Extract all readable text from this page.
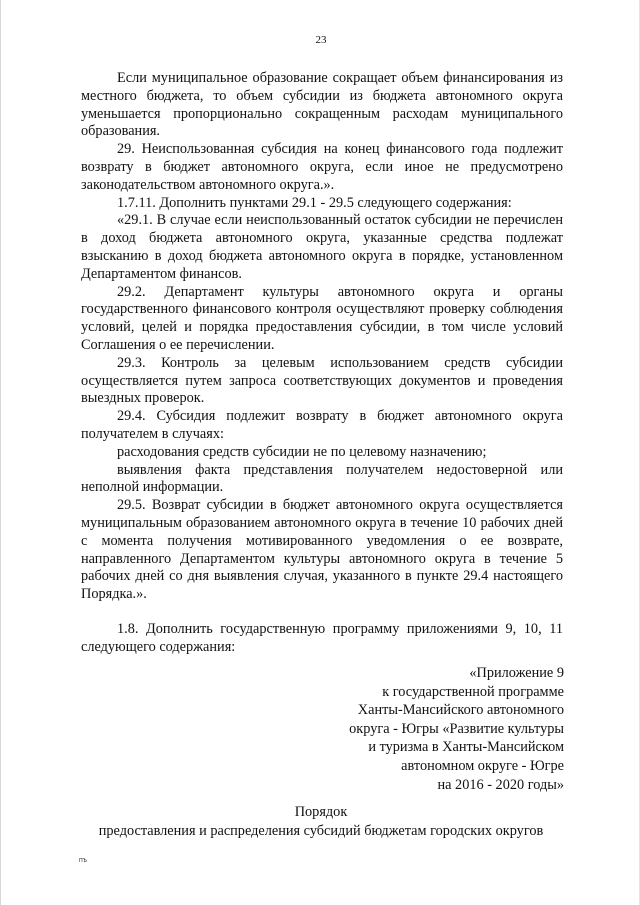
23

Если муниципальное образование сокращает объем финансирования из местного бюджета, то объем субсидии из бюджета автономного округа уменьшается пропорционально сокращенным расходам муниципального образования.

29. Неиспользованная субсидия на конец финансового года подлежит возврату в бюджет автономного округа, если иное не предусмотрено законодательством автономного округа.».

1.7.11. Дополнить пунктами 29.1 - 29.5 следующего содержания:

«29.1. В случае если неиспользованный остаток субсидии не перечислен в доход бюджета автономного округа, указанные средства подлежат взысканию в доход бюджета автономного округа в порядке, установленном Департаментом финансов.

29.2. Департамент культуры автономного округа и органы государственного финансового контроля осуществляют проверку соблюдения условий, целей и порядка предоставления субсидии, в том числе условий Соглашения о ее перечислении.

29.3. Контроль за целевым использованием средств субсидии осуществляется путем запроса соответствующих документов и проведения выездных проверок.

29.4. Субсидия подлежит возврату в бюджет автономного округа получателем в случаях:

расходования средств субсидии не по целевому назначению;

выявления факта представления получателем недостоверной или неполной информации.

29.5. Возврат субсидии в бюджет автономного округа осуществляется муниципальным образованием автономного округа в течение 10 рабочих дней с момента получения мотивированного уведомления о ее возврате, направленного Департаментом культуры автономного округа в течение 5 рабочих дней со дня выявления случая, указанного в пункте 29.4 настоящего Порядка.».

1.8. Дополнить государственную программу приложениями 9, 10, 11 следующего содержания:

«Приложение 9
к государственной программе
Ханты-Мансийского автономного
округа - Югры «Развитие культуры
и туризма в Ханты-Мансийском
автономном округе - Югре
на 2016 - 2020 годы»
Порядок
предоставления и распределения субсидий бюджетам городских округов
ПЪ
